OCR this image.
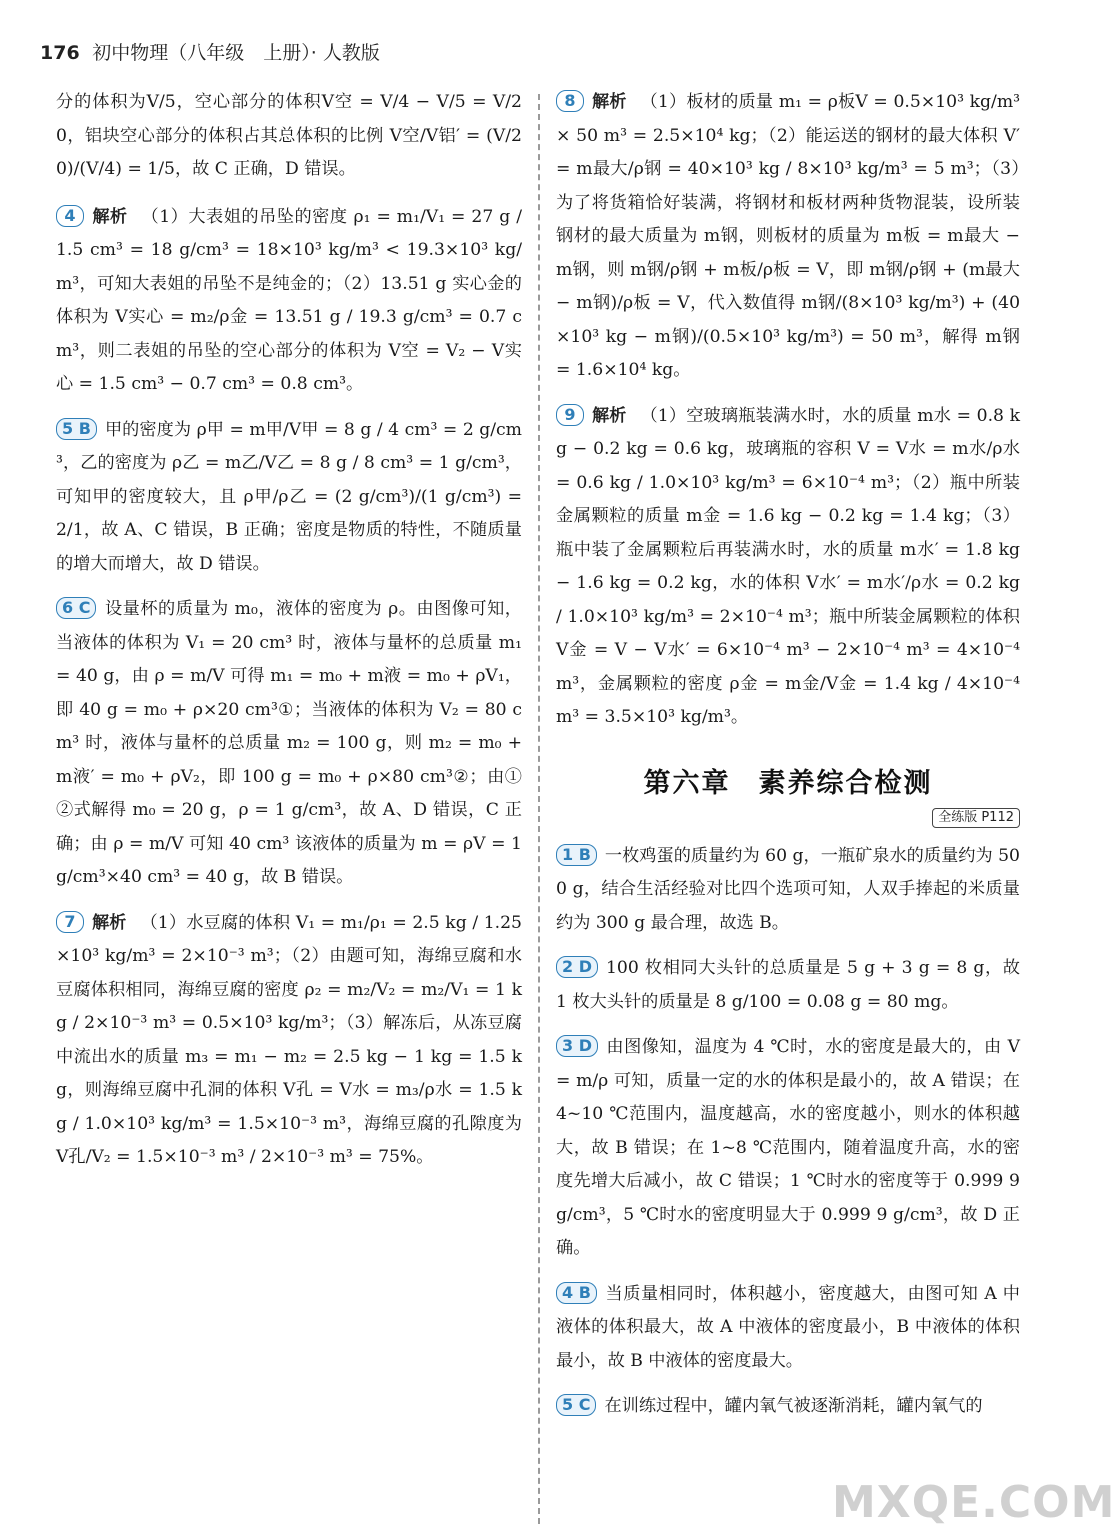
176 初中物理（八年级　上册）· 人教版

分的体积为V/5，空心部分的体积V空 = V/4 − V/5 = V/20，铝块空心部分的体积占其总体积的比例 V空/V铝′ = (V/20)/(V/4) = 1/5，故 C 正确，D 错误。

4 解析 （1）大表姐的吊坠的密度 ρ₁ = m₁/V₁ = 27 g / 1.5 cm³ = 18 g/cm³ = 18×10³ kg/m³ < 19.3×10³ kg/m³，可知大表姐的吊坠不是纯金的；（2）13.51 g 实心金的体积为 V实心 = m₂/ρ金 = 13.51 g / 19.3 g/cm³ = 0.7 cm³，则二表姐的吊坠的空心部分的体积为 V空 = V₂ − V实心 = 1.5 cm³ − 0.7 cm³ = 0.8 cm³。

5 B 甲的密度为 ρ甲 = m甲/V甲 = 8 g / 4 cm³ = 2 g/cm³，乙的密度为 ρ乙 = m乙/V乙 = 8 g / 8 cm³ = 1 g/cm³，可知甲的密度较大，且 ρ甲/ρ乙 = (2 g/cm³)/(1 g/cm³) = 2/1，故 A、C 错误，B 正确；密度是物质的特性，不随质量的增大而增大，故 D 错误。

6 C 设量杯的质量为 m₀，液体的密度为 ρ。由图像可知，当液体的体积为 V₁ = 20 cm³ 时，液体与量杯的总质量 m₁ = 40 g，由 ρ = m/V 可得 m₁ = m₀ + m液 = m₀ + ρV₁，即 40 g = m₀ + ρ×20 cm³①；当液体的体积为 V₂ = 80 cm³ 时，液体与量杯的总质量 m₂ = 100 g，则 m₂ = m₀ + m液′ = m₀ + ρV₂，即 100 g = m₀ + ρ×80 cm³②；由①②式解得 m₀ = 20 g，ρ = 1 g/cm³，故 A、D 错误，C 正确；由 ρ = m/V 可知 40 cm³ 该液体的质量为 m = ρV = 1 g/cm³×40 cm³ = 40 g，故 B 错误。

7 解析 （1）水豆腐的体积 V₁ = m₁/ρ₁ = 2.5 kg / 1.25×10³ kg/m³ = 2×10⁻³ m³；（2）由题可知，海绵豆腐和水豆腐体积相同，海绵豆腐的密度 ρ₂ = m₂/V₂ = m₂/V₁ = 1 kg / 2×10⁻³ m³ = 0.5×10³ kg/m³；（3）解冻后，从冻豆腐中流出水的质量 m₃ = m₁ − m₂ = 2.5 kg − 1 kg = 1.5 kg，则海绵豆腐中孔洞的体积 V孔 = V水 = m₃/ρ水 = 1.5 kg / 1.0×10³ kg/m³ = 1.5×10⁻³ m³，海绵豆腐的孔隙度为 V孔/V₂ = 1.5×10⁻³ m³ / 2×10⁻³ m³ = 75%。

8 解析 （1）板材的质量 m₁ = ρ板V = 0.5×10³ kg/m³ × 50 m³ = 2.5×10⁴ kg；（2）能运送的钢材的最大体积 V′ = m最大/ρ钢 = 40×10³ kg / 8×10³ kg/m³ = 5 m³；（3）为了将货箱恰好装满，将钢材和板材两种货物混装，设所装钢材的最大质量为 m钢，则板材的质量为 m板 = m最大 − m钢，则 m钢/ρ钢 + m板/ρ板 = V，即 m钢/ρ钢 + (m最大 − m钢)/ρ板 = V，代入数值得 m钢/(8×10³ kg/m³) + (40×10³ kg − m钢)/(0.5×10³ kg/m³) = 50 m³，解得 m钢 = 1.6×10⁴ kg。

9 解析 （1）空玻璃瓶装满水时，水的质量 m水 = 0.8 kg − 0.2 kg = 0.6 kg，玻璃瓶的容积 V = V水 = m水/ρ水 = 0.6 kg / 1.0×10³ kg/m³ = 6×10⁻⁴ m³；（2）瓶中所装金属颗粒的质量 m金 = 1.6 kg − 0.2 kg = 1.4 kg；（3）瓶中装了金属颗粒后再装满水时，水的质量 m水′ = 1.8 kg − 1.6 kg = 0.2 kg，水的体积 V水′ = m水′/ρ水 = 0.2 kg / 1.0×10³ kg/m³ = 2×10⁻⁴ m³；瓶中所装金属颗粒的体积 V金 = V − V水′ = 6×10⁻⁴ m³ − 2×10⁻⁴ m³ = 4×10⁻⁴ m³，金属颗粒的密度 ρ金 = m金/V金 = 1.4 kg / 4×10⁻⁴ m³ = 3.5×10³ kg/m³。

第六章 素养综合检测
全练版 P112

1 B 一枚鸡蛋的质量约为 60 g，一瓶矿泉水的质量约为 500 g，结合生活经验对比四个选项可知，人双手捧起的米质量约为 300 g 最合理，故选 B。

2 D 100 枚相同大头针的总质量是 5 g + 3 g = 8 g，故 1 枚大头针的质量是 8 g/100 = 0.08 g = 80 mg。

3 D 由图像知，温度为 4 ℃时，水的密度是最大的，由 V = m/ρ 可知，质量一定的水的体积是最小的，故 A 错误；在 4~10 ℃范围内，温度越高，水的密度越小，则水的体积越大，故 B 错误；在 1~8 ℃范围内，随着温度升高，水的密度先增大后减小，故 C 错误；1 ℃时水的密度等于 0.999 9 g/cm³，5 ℃时水的密度明显大于 0.999 9 g/cm³，故 D 正确。

4 B 当质量相同时，体积越小，密度越大，由图可知 A 中液体的体积最大，故 A 中液体的密度最小，B 中液体的体积最小，故 B 中液体的密度最大。

5 C 在训练过程中，罐内氧气被逐渐消耗，罐内氧气的

MXQE.COM
